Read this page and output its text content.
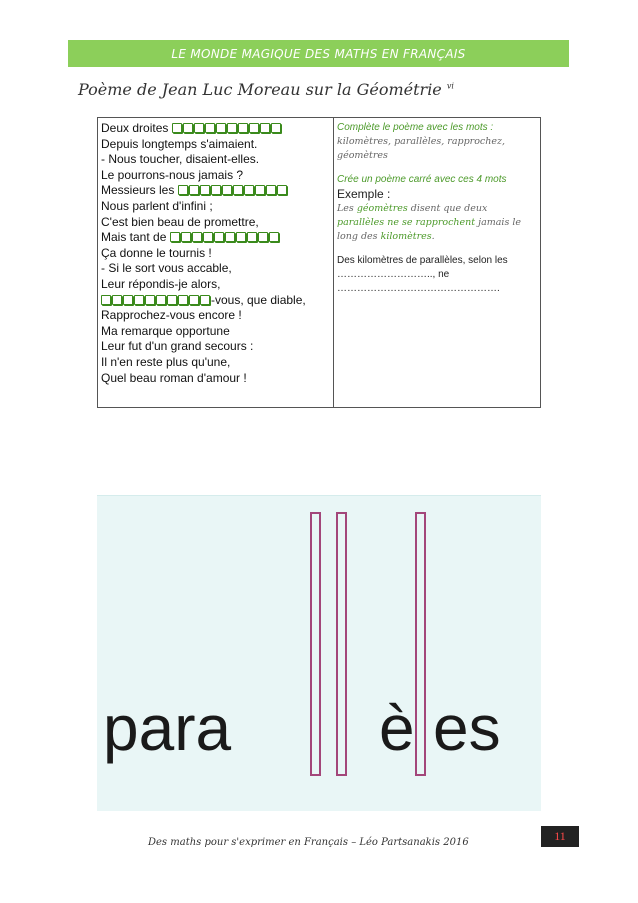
LE MONDE MAGIQUE DES MATHS EN FRANÇAIS
Poème de Jean Luc Moreau sur la Géométrie $^{vi}$
Deux droites
Depuis longtemps s'aimaient.
- Nous toucher, disaient-elles.
Le pourrons-nous jamais ?
Messieurs les
Nous parlent d'infini ;
C'est bien beau de promettre,
Mais tant de
Ça donne le tournis !
- Si le sort vous accable,
Leur répondis-je alors,
-vous, que diable,
Rapprochez-vous encore !
Ma remarque opportune
Leur fut d'un grand secours :
Il n'en reste plus qu'une,
Quel beau roman d'amour !

Complète le poème avec les mots :
kilomètres, parallèles, rapprochez, géomètres
Crée un poème carré avec ces 4 mots
Exemple :
Les géomètres disent que deux parallèles ne se rapprochent jamais le long des kilomètres.
Des kilomètres de parallèles, selon les
……………………….., ne
………………………………………….
para è es
Des maths pour s'exprimer en Français – Léo Partsanakis 2016	11
